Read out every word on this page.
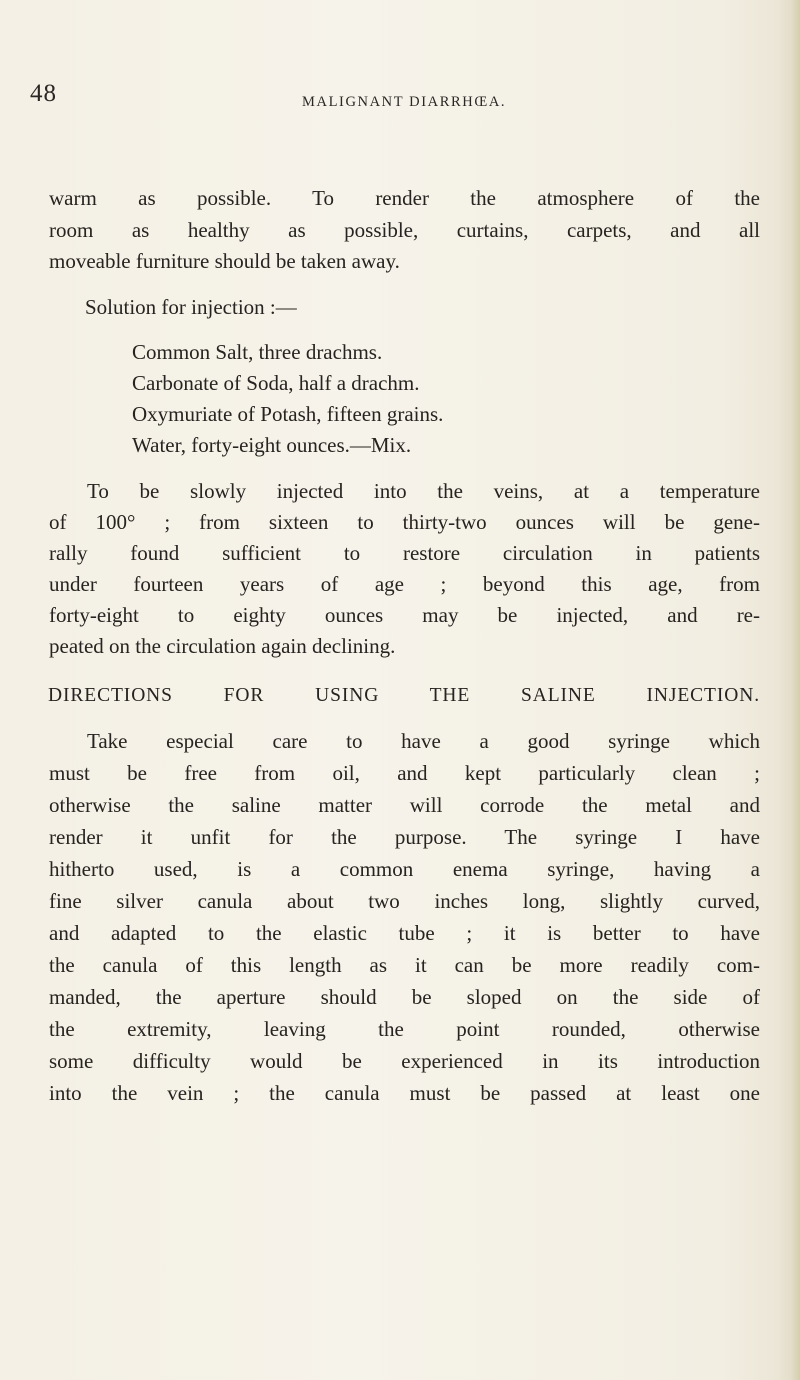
48	MALIGNANT DIARRHŒA.
warm as possible. To render the atmosphere of the
room as healthy as possible, curtains, carpets, and all
moveable furniture should be taken away.
Solution for injection :—
Common Salt, three drachms.
Carbonate of Soda, half a drachm.
Oxymuriate of Potash, fifteen grains.
Water, forty-eight ounces.—Mix.
To be slowly injected into the veins, at a temperature
of 100° ; from sixteen to thirty-two ounces will be gene-
rally found sufficient to restore circulation in patients
under fourteen years of age ; beyond this age, from
forty-eight to eighty ounces may be injected, and re-
peated on the circulation again declining.
DIRECTIONS FOR USING THE SALINE INJECTION.
Take especial care to have a good syringe which
must be free from oil, and kept particularly clean ;
otherwise the saline matter will corrode the metal and
render it unfit for the purpose. The syringe I have
hitherto used, is a common enema syringe, having a
fine silver canula about two inches long, slightly curved,
and adapted to the elastic tube ; it is better to have
the canula of this length as it can be more readily com-
manded, the aperture should be sloped on the side of
the extremity, leaving the point rounded, otherwise
some difficulty would be experienced in its introduction
into the vein ; the canula must be passed at least one
